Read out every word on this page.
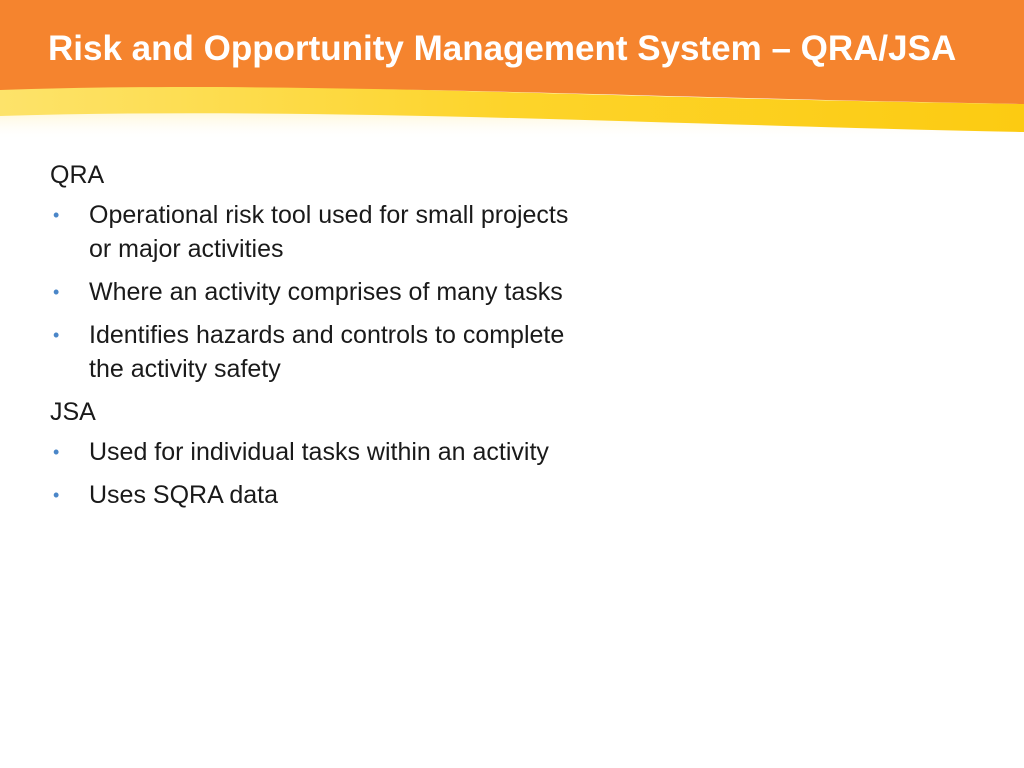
Risk and Opportunity Management System – QRA/JSA

QRA

•	Operational risk tool used for small projects or major activities
•	Where an activity comprises of many tasks
•	Identifies hazards and controls to complete the activity safety

JSA

•	Used for individual tasks within an activity
•	Uses SQRA data
